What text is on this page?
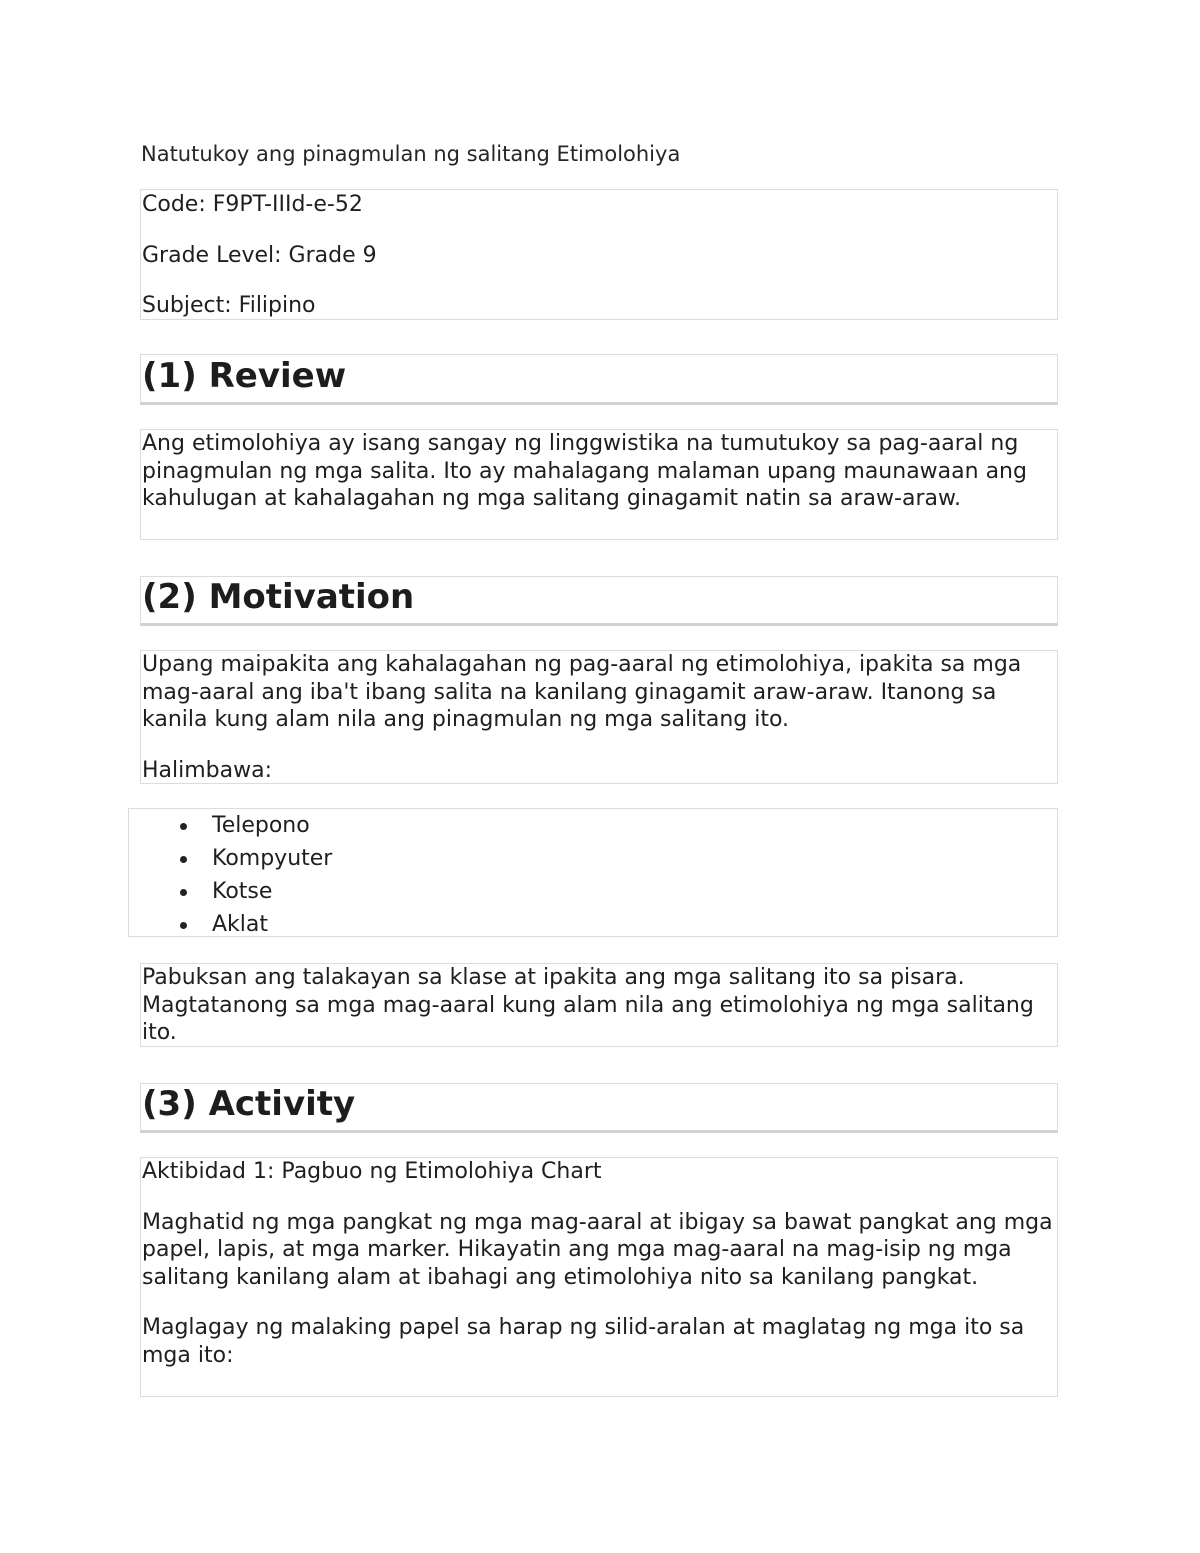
Natutukoy ang pinagmulan ng salitang Etimolohiya

Code: F9PT-IIId-e-52

Grade Level: Grade 9

Subject: Filipino

(1) Review

Ang etimolohiya ay isang sangay ng linggwistika na tumutukoy sa pag-aaral ng pinagmulan ng mga salita. Ito ay mahalagang malaman upang maunawaan ang kahulugan at kahalagahan ng mga salitang ginagamit natin sa araw-araw.

(2) Motivation

Upang maipakita ang kahalagahan ng pag-aaral ng etimolohiya, ipakita sa mga mag-aaral ang iba't ibang salita na kanilang ginagamit araw-araw. Itanong sa kanila kung alam nila ang pinagmulan ng mga salitang ito.

Halimbawa:

Telepono
Kompyuter
Kotse
Aklat

Pabuksan ang talakayan sa klase at ipakita ang mga salitang ito sa pisara. Magtatanong sa mga mag-aaral kung alam nila ang etimolohiya ng mga salitang ito.

(3) Activity

Aktibidad 1: Pagbuo ng Etimolohiya Chart

Maghatid ng mga pangkat ng mga mag-aaral at ibigay sa bawat pangkat ang mga papel, lapis, at mga marker. Hikayatin ang mga mag-aaral na mag-isip ng mga salitang kanilang alam at ibahagi ang etimolohiya nito sa kanilang pangkat.

Maglagay ng malaking papel sa harap ng silid-aralan at maglatag ng mga ito sa mga ito:
